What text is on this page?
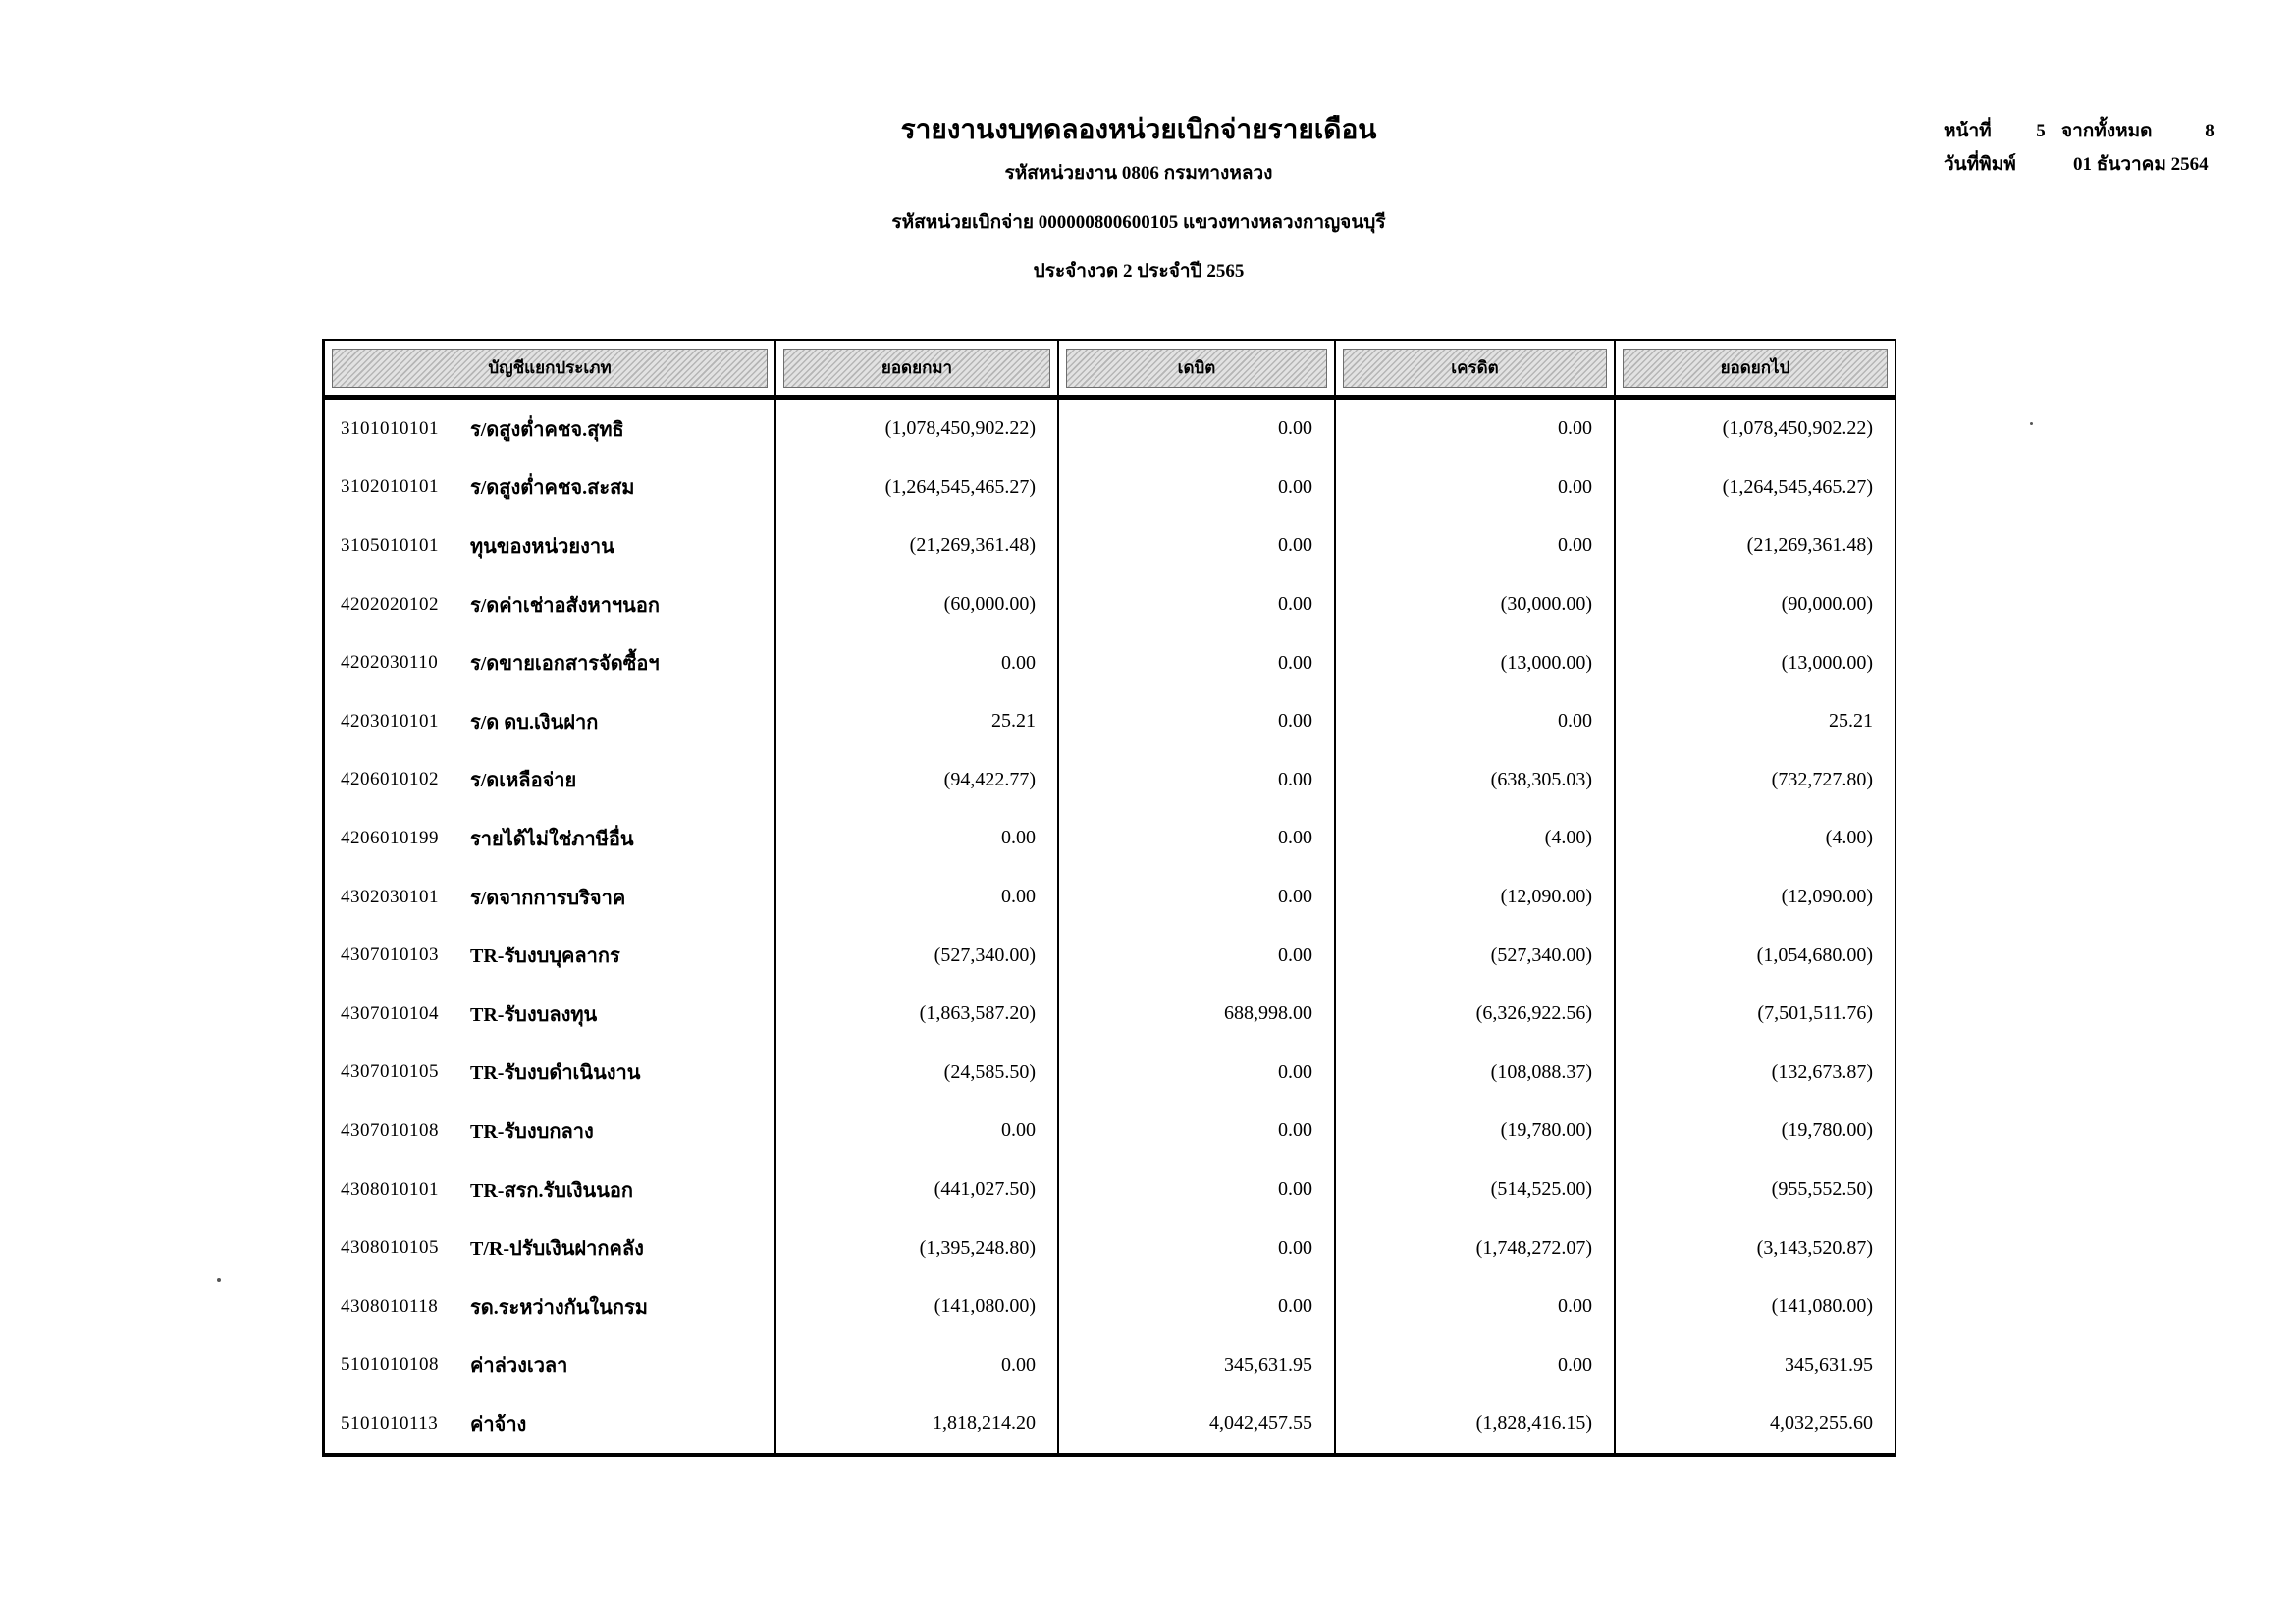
รายงานงบทดลองหน่วยเบิกจ่ายรายเดือน
รหัสหน่วยงาน 0806 กรมทางหลวง
รหัสหน่วยเบิกจ่าย 000000800600105 แขวงทางหลวงกาญจนบุรี
ประจำงวด 2 ประจำปี 2565
หน้าที่	5 จากทั้งหมด	8
วันที่พิมพ์	01 ธันวาคม 2564
บัญชีแยกประเภท	ยอดยกมา	เดบิต	เครดิต	ยอดยกไป
3101010101	ร/ดสูงต่ำคชจ.สุทธิ	(1,078,450,902.22)	0.00	0.00	(1,078,450,902.22)
3102010101	ร/ดสูงต่ำคชจ.สะสม	(1,264,545,465.27)	0.00	0.00	(1,264,545,465.27)
3105010101	ทุนของหน่วยงาน	(21,269,361.48)	0.00	0.00	(21,269,361.48)
4202020102	ร/ดค่าเช่าอสังหาฯนอก	(60,000.00)	0.00	(30,000.00)	(90,000.00)
4202030110	ร/ดขายเอกสารจัดซื้อฯ	0.00	0.00	(13,000.00)	(13,000.00)
4203010101	ร/ด ดบ.เงินฝาก	25.21	0.00	0.00	25.21
4206010102	ร/ดเหลือจ่าย	(94,422.77)	0.00	(638,305.03)	(732,727.80)
4206010199	รายได้ไม่ใช่ภาษีอื่น	0.00	0.00	(4.00)	(4.00)
4302030101	ร/ดจากการบริจาค	0.00	0.00	(12,090.00)	(12,090.00)
4307010103	TR-รับงบบุคลากร	(527,340.00)	0.00	(527,340.00)	(1,054,680.00)
4307010104	TR-รับงบลงทุน	(1,863,587.20)	688,998.00	(6,326,922.56)	(7,501,511.76)
4307010105	TR-รับงบดำเนินงาน	(24,585.50)	0.00	(108,088.37)	(132,673.87)
4307010108	TR-รับงบกลาง	0.00	0.00	(19,780.00)	(19,780.00)
4308010101	TR-สรก.รับเงินนอก	(441,027.50)	0.00	(514,525.00)	(955,552.50)
4308010105	T/R-ปรับเงินฝากคลัง	(1,395,248.80)	0.00	(1,748,272.07)	(3,143,520.87)
4308010118	รด.ระหว่างกันในกรม	(141,080.00)	0.00	0.00	(141,080.00)
5101010108	ค่าล่วงเวลา	0.00	345,631.95	0.00	345,631.95
5101010113	ค่าจ้าง	1,818,214.20	4,042,457.55	(1,828,416.15)	4,032,255.60
